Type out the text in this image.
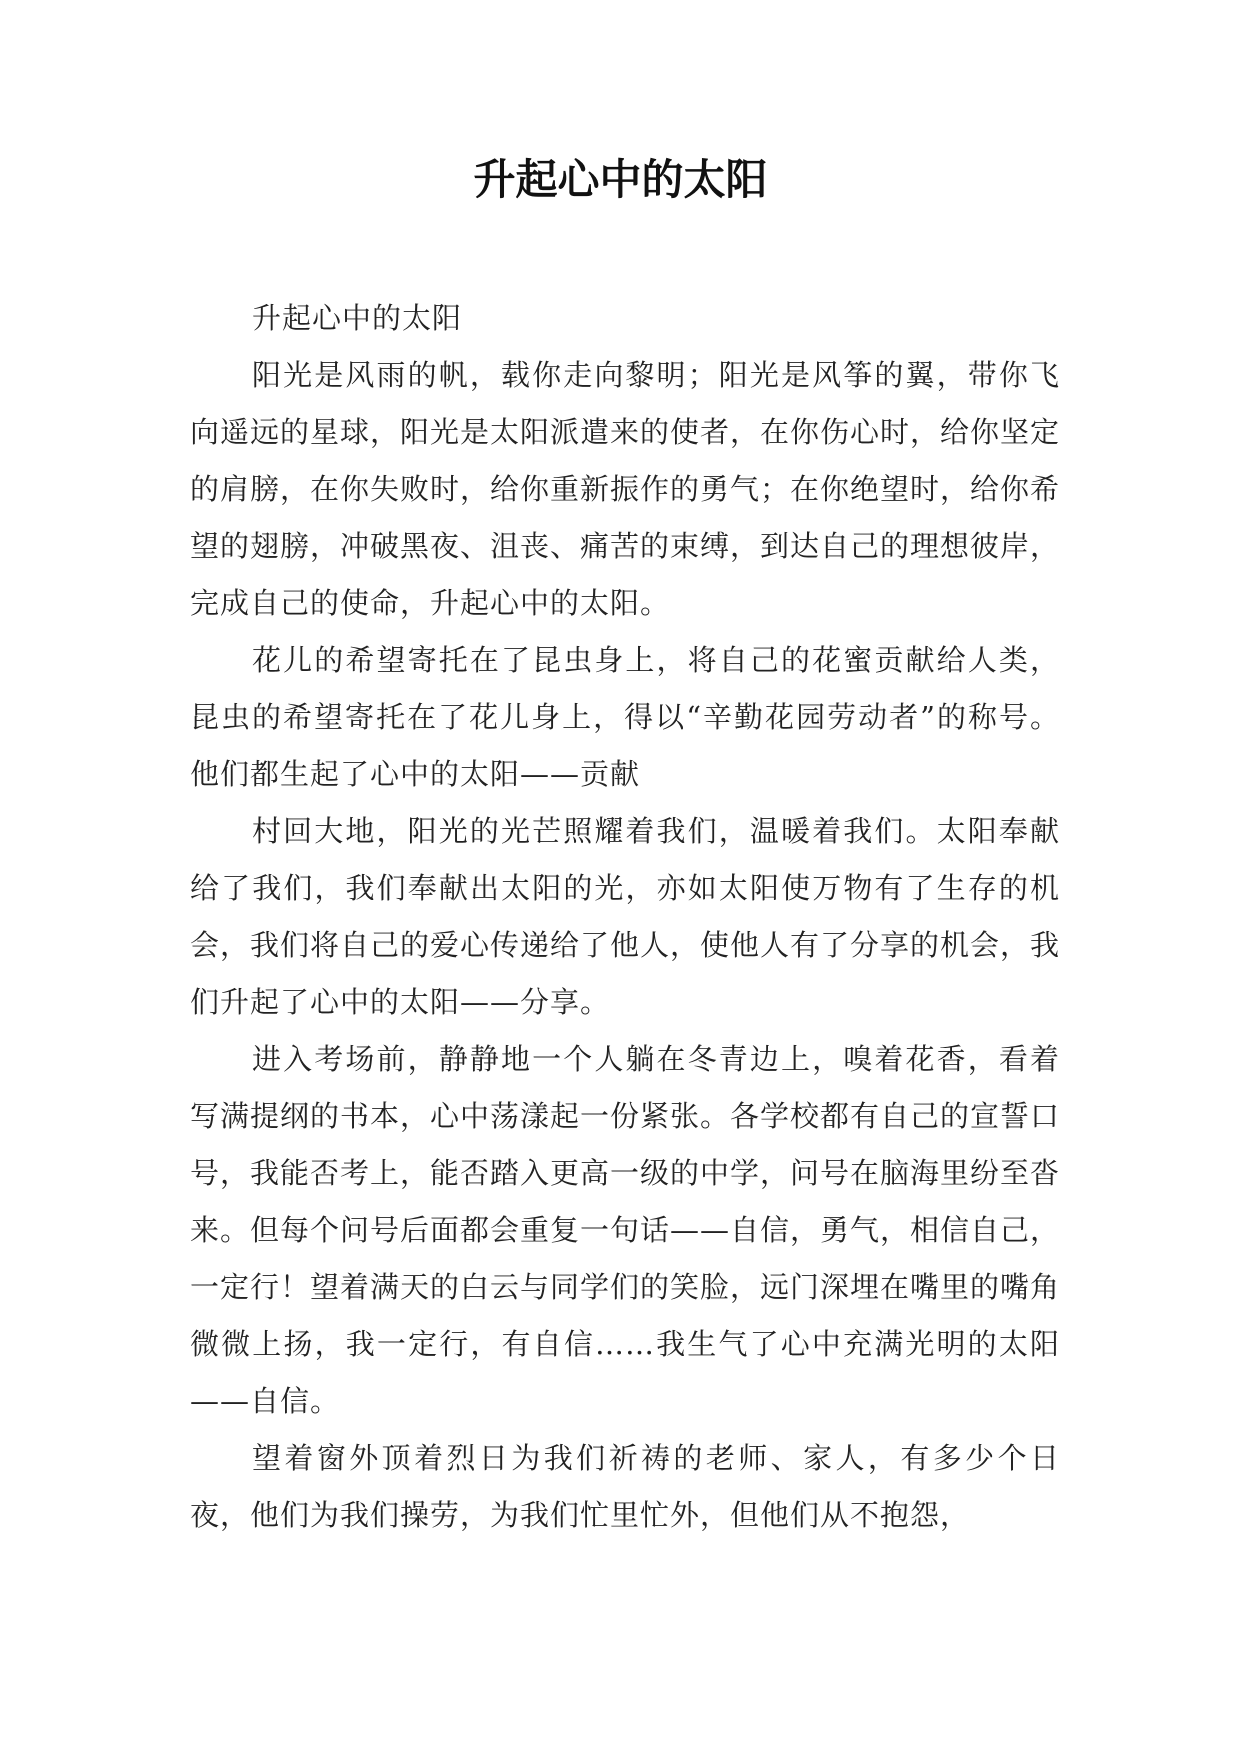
升起心中的太阳

升起心中的太阳

阳光是风雨的帆，载你走向黎明；阳光是风筝的翼，带你飞向遥远的星球，阳光是太阳派遣来的使者，在你伤心时，给你坚定的肩膀，在你失败时，给你重新振作的勇气；在你绝望时，给你希望的翅膀，冲破黑夜、沮丧、痛苦的束缚，到达自己的理想彼岸，完成自己的使命，升起心中的太阳。

花儿的希望寄托在了昆虫身上，将自己的花蜜贡献给人类，昆虫的希望寄托在了花儿身上，得以“辛勤花园劳动者”的称号。他们都生起了心中的太阳——贡献

村回大地，阳光的光芒照耀着我们，温暖着我们。太阳奉献给了我们，我们奉献出太阳的光，亦如太阳使万物有了生存的机会，我们将自己的爱心传递给了他人，使他人有了分享的机会，我们升起了心中的太阳——分享。

进入考场前，静静地一个人躺在冬青边上，嗅着花香，看着写满提纲的书本，心中荡漾起一份紧张。各学校都有自己的宣誓口号，我能否考上，能否踏入更高一级的中学，问号在脑海里纷至沓来。但每个问号后面都会重复一句话——自信，勇气，相信自己，一定行！望着满天的白云与同学们的笑脸，远门深埋在嘴里的嘴角微微上扬，我一定行，有自信……我生气了心中充满光明的太阳——自信。

望着窗外顶着烈日为我们祈祷的老师、家人，有多少个日夜，他们为我们操劳，为我们忙里忙外，但他们从不抱怨，
